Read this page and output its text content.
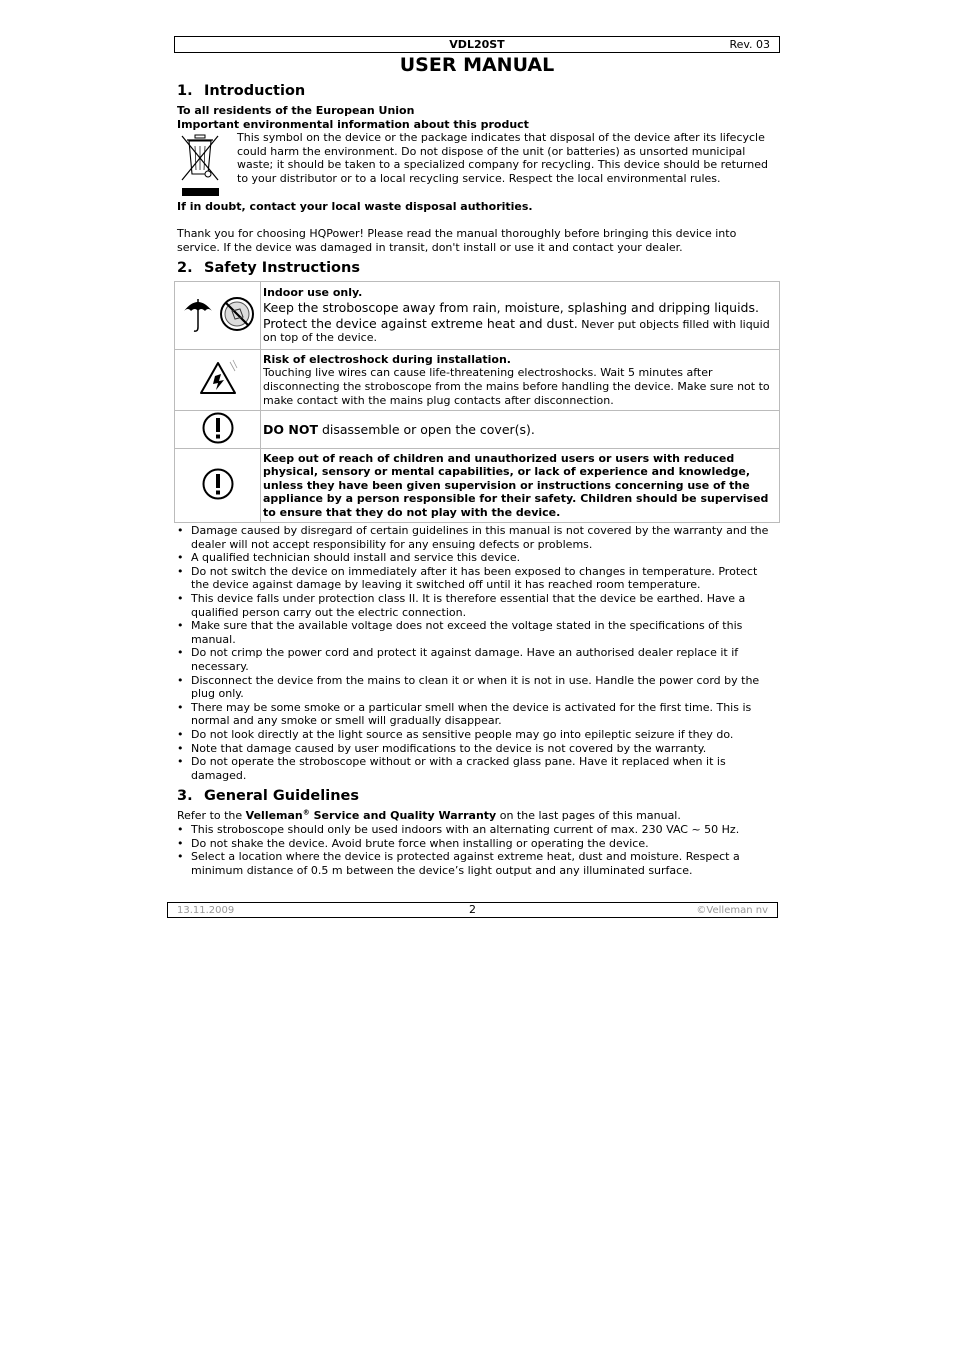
VDL20ST	Rev. 03
USER MANUAL
1. Introduction
To all residents of the European Union
Important environmental information about this product
This symbol on the device or the package indicates that disposal of the device after its lifecycle could harm the environment. Do not dispose of the unit (or batteries) as unsorted municipal waste; it should be taken to a specialized company for recycling. This device should be returned to your distributor or to a local recycling service. Respect the local environmental rules.
If in doubt, contact your local waste disposal authorities.
Thank you for choosing HQPower! Please read the manual thoroughly before bringing this device into service. If the device was damaged in transit, don't install or use it and contact your dealer.
2. Safety Instructions

Indoor use only.
Keep the stroboscope away from rain, moisture, splashing and dripping liquids. Protect the device against extreme heat and dust. Never put objects filled with liquid on top of the device.

Risk of electroshock during installation.
Touching live wires can cause life-threatening electroshocks. Wait 5 minutes after disconnecting the stroboscope from the mains before handling the device. Make sure not to make contact with the mains plug contacts after disconnection.
	DO NOT disassemble or open the cover(s).
	Keep out of reach of children and unauthorized users or users with reduced physical, sensory or mental capabilities, or lack of experience and knowledge, unless they have been given supervision or instructions concerning use of the appliance by a person responsible for their safety. Children should be supervised to ensure that they do not play with the device.
• Damage caused by disregard of certain guidelines in this manual is not covered by the warranty and the dealer will not accept responsibility for any ensuing defects or problems.
• A qualified technician should install and service this device.
• Do not switch the device on immediately after it has been exposed to changes in temperature. Protect the device against damage by leaving it switched off until it has reached room temperature.
• This device falls under protection class II. It is therefore essential that the device be earthed. Have a qualified person carry out the electric connection.
• Make sure that the available voltage does not exceed the voltage stated in the specifications of this manual.
• Do not crimp the power cord and protect it against damage. Have an authorised dealer replace it if necessary.
• Disconnect the device from the mains to clean it or when it is not in use. Handle the power cord by the plug only.
• There may be some smoke or a particular smell when the device is activated for the first time. This is normal and any smoke or smell will gradually disappear.
• Do not look directly at the light source as sensitive people may go into epileptic seizure if they do.
• Note that damage caused by user modifications to the device is not covered by the warranty.
• Do not operate the stroboscope without or with a cracked glass pane. Have it replaced when it is damaged.
3. General Guidelines
Refer to the Velleman® Service and Quality Warranty on the last pages of this manual.
• This stroboscope should only be used indoors with an alternating current of max. 230 VAC ~ 50 Hz.
• Do not shake the device. Avoid brute force when installing or operating the device.
• Select a location where the device is protected against extreme heat, dust and moisture. Respect a minimum distance of 0.5 m between the device’s light output and any illuminated surface.
13.11.2009	2	©Velleman nv
